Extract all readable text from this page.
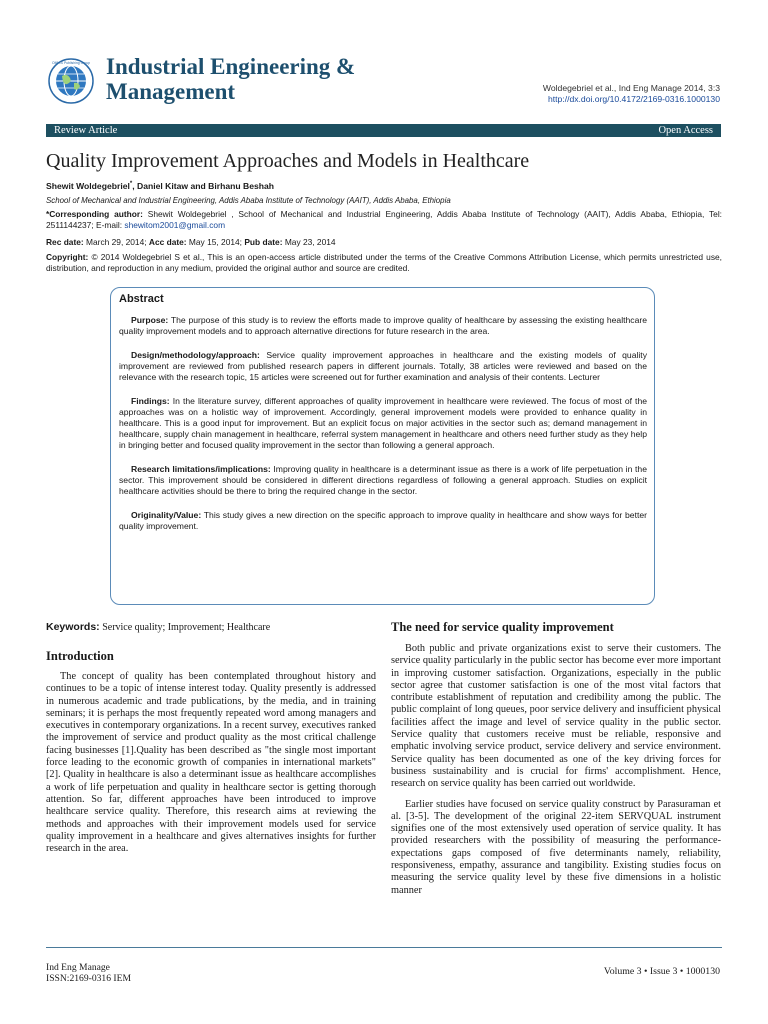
OMICS Publishing Group Industrial Engineering &
Management	Woldegebriel et al., Ind Eng Manage 2014, 3:3
http://dx.doi.org/10.4172/2169-0316.1000130
Review Article	Open Access
Quality Improvement Approaches and Models in Healthcare
Shewit Woldegebriel*, Daniel Kitaw and Birhanu Beshah
School of Mechanical and Industrial Engineering, Addis Ababa Institute of Technology (AAIT), Addis Ababa, Ethiopia
*Corresponding author: Shewit Woldegebriel , School of Mechanical and Industrial Engineering, Addis Ababa Institute of Technology (AAIT), Addis Ababa, Ethiopia, Tel: 2511144237; E-mail: shewitom2001@gmail.com
Rec date: March 29, 2014; Acc date: May 15, 2014; Pub date: May 23, 2014
Copyright: © 2014 Woldegebriel S et al., This is an open-access article distributed under the terms of the Creative Commons Attribution License, which permits unrestricted use, distribution, and reproduction in any medium, provided the original author and source are credited.
Abstract

Purpose: The purpose of this study is to review the efforts made to improve quality of healthcare by assessing the existing healthcare quality improvement models and to approach alternative directions for future research in the area.

Design/methodology/approach: Service quality improvement approaches in healthcare and the existing models of quality improvement are reviewed from published research papers in different journals. Totally, 38 articles were reviewed and based on the relevance with the research topic, 15 articles were screened out for further examination and analysis of their contents. Lecturer

Findings: In the literature survey, different approaches of quality improvement in healthcare were reviewed. The focus of most of the approaches was on a holistic way of improvement. Accordingly, general improvement models were provided to enhance quality in healthcare. This is a good input for improvement. But an explicit focus on major activities in the sector such as; demand management in healthcare, supply chain management in healthcare, referral system management in healthcare and others need further study as they help in bringing better and focused quality improvement in the sector than following a general approach.

Research limitations/implications: Improving quality in healthcare is a determinant issue as there is a work of life perpetuation in the sector. This improvement should be considered in different directions regardless of following a general approach. Studies on explicit healthcare activities should be there to bring the required change in the sector.

Originality/Value: This study gives a new direction on the specific approach to improve quality in healthcare and show ways for better quality improvement.

Keywords: Service quality; Improvement; Healthcare
Introduction

The concept of quality has been contemplated throughout history and continues to be a topic of intense interest today. Quality presently is addressed in numerous academic and trade publications, by the media, and in training seminars; it is perhaps the most frequently repeated word among managers and executives in contemporary organizations. In a recent survey, executives ranked the improvement of service and product quality as the most critical challenge facing businesses [1].Quality has been described as "the single most important force leading to the economic growth of companies in international markets" [2]. Quality in healthcare is also a determinant issue as healthcare accomplishes a work of life perpetuation and quality in healthcare sector is getting thorough attention. So far, different approaches have been introduced to improve healthcare service quality. Therefore, this research aims at reviewing the methods and approaches with their improvement models used for service quality improvement in a healthcare and gives alternatives insights for further research in the area.

The need for service quality improvement

Both public and private organizations exist to serve their customers. The service quality particularly in the public sector has become ever more important in improving customer satisfaction. Organizations, especially in the public sector agree that customer satisfaction is one of the most vital factors that contribute establishment of reputation and credibility among the public. The public complaint of long queues, poor service delivery and insufficient physical facilities affect the image and level of service quality in the public sector. Service quality that customers receive must be reliable, responsive and emphatic involving service product, service delivery and service environment. Service quality has been documented as one of the key driving forces for business sustainability and is crucial for firms' accomplishment. Hence, research on service quality has been carried out worldwide.

Earlier studies have focused on service quality construct by Parasuraman et al. [3-5]. The development of the original 22-item SERVQUAL instrument signifies one of the most extensively used operation of service quality. It has provided researchers with the possibility of measuring the performance-expectations gaps composed of five determinants namely, reliability, responsiveness, empathy, assurance and tangibility. Existing studies focus on measuring the service quality level by these five dimensions in a holistic manner

Ind Eng Manage
ISSN:2169-0316 IEM
Volume 3 • Issue 3 • 1000130
